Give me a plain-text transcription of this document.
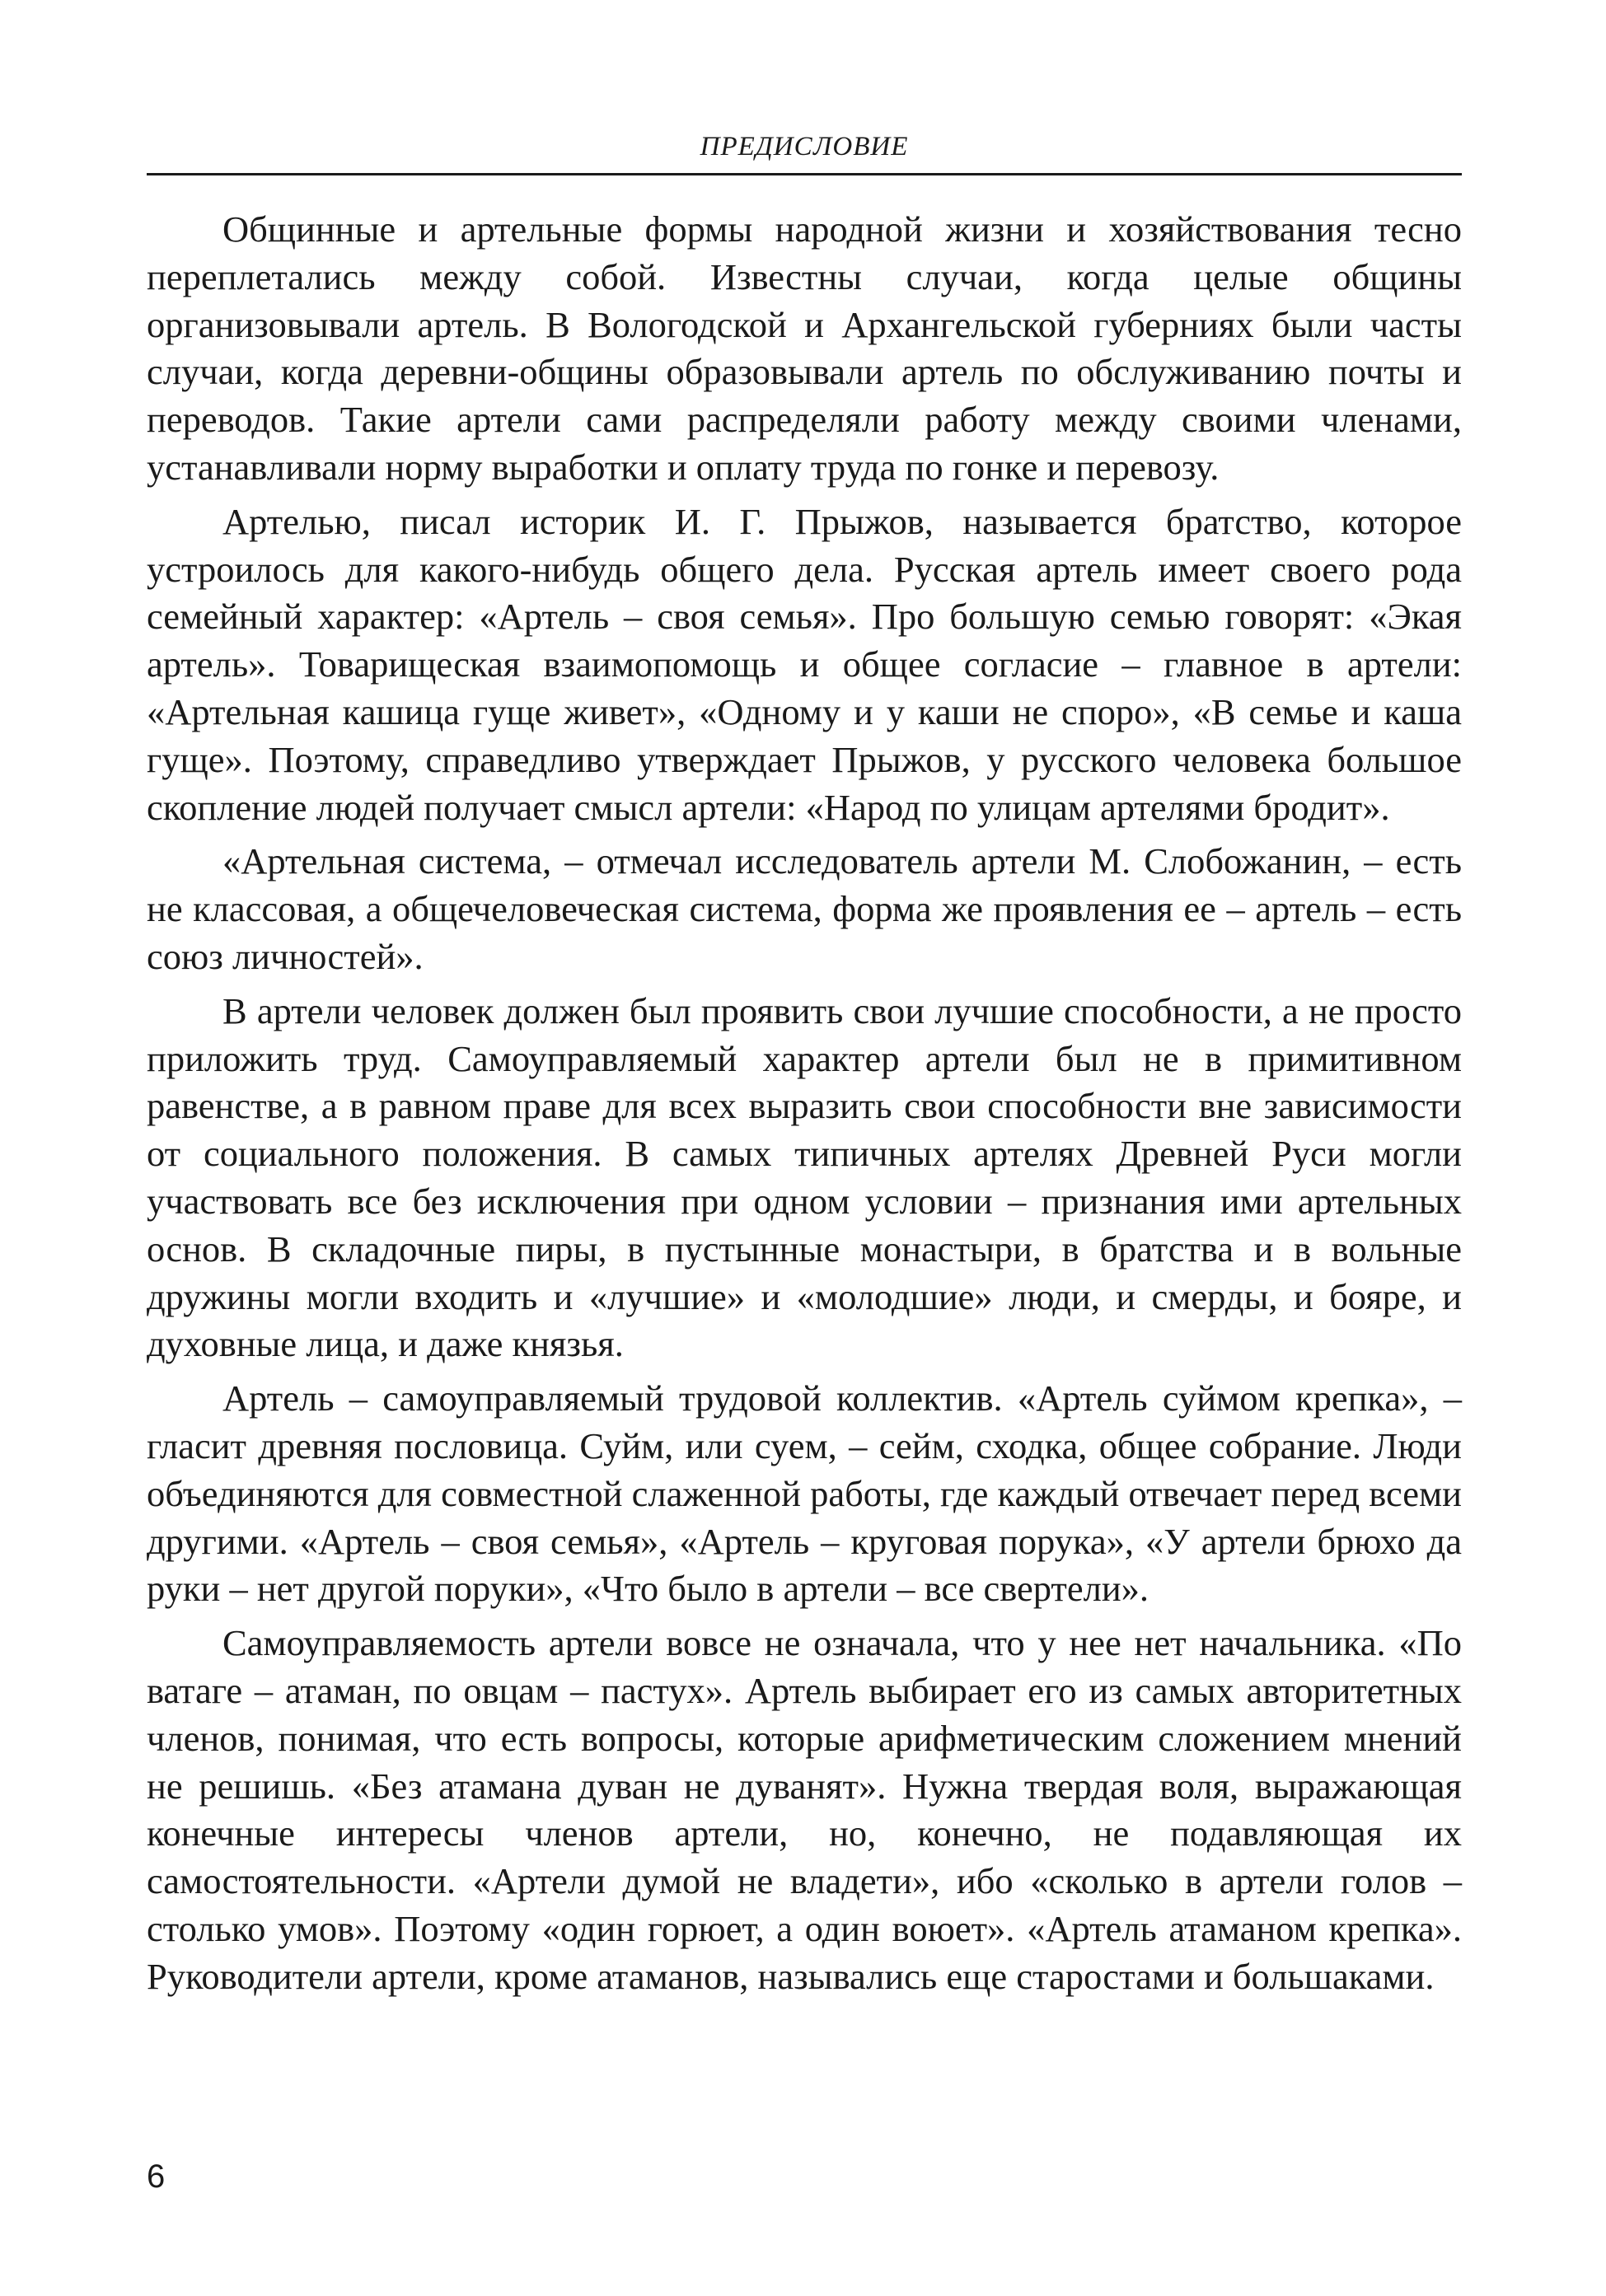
ПРЕДИСЛОВИЕ

Общинные и артельные формы народной жизни и хозяйствования тесно переплетались между собой. Известны случаи, когда целые общины организовывали артель. В Вологодской и Архангельской губерниях были часты случаи, когда деревни-общины образовывали артель по обслуживанию почты и переводов. Такие артели сами распределяли работу между своими членами, устанавливали норму выработки и оплату труда по гонке и перевозу.

Артелью, писал историк И. Г. Прыжов, называется братство, которое устроилось для какого-нибудь общего дела. Русская артель имеет своего рода семейный характер: «Артель – своя семья». Про большую семью говорят: «Экая артель». Товарищеская взаимопомощь и общее согласие – главное в артели: «Артельная кашица гуще живет», «Одному и у каши не споро», «В семье и каша гуще». Поэтому, справедливо утверждает Прыжов, у русского человека большое скопление людей получает смысл артели: «Народ по улицам артелями бродит».

«Артельная система, – отмечал исследователь артели М. Слобожанин, – есть не классовая, а общечеловеческая система, форма же проявления ее – артель – есть союз личностей».

В артели человек должен был проявить свои лучшие способности, а не просто приложить труд. Самоуправляемый характер артели был не в примитивном равенстве, а в равном праве для всех выразить свои способности вне зависимости от социального положения. В самых типичных артелях Древней Руси могли участвовать все без исключения при одном условии – признания ими артельных основ. В складочные пиры, в пустынные монастыри, в братства и в вольные дружины могли входить и «лучшие» и «молодшие» люди, и смерды, и бояре, и духовные лица, и даже князья.

Артель – самоуправляемый трудовой коллектив. «Артель суймом крепка», – гласит древняя пословица. Суйм, или суем, – сейм, сходка, общее собрание. Люди объединяются для совместной слаженной работы, где каждый отвечает перед всеми другими. «Артель – своя семья», «Артель – круговая порука», «У артели брюхо да руки – нет другой поруки», «Что было в артели – все свертели».

Самоуправляемость артели вовсе не означала, что у нее нет начальника. «По ватаге – атаман, по овцам – пастух». Артель выбирает его из самых авторитетных членов, понимая, что есть вопросы, которые арифметическим сложением мнений не решишь. «Без атамана дуван не дуванят». Нужна твердая воля, выражающая конечные интересы членов артели, но, конечно, не подавляющая их самостоятельности. «Артели думой не владети», ибо «сколько в артели голов – столько умов». Поэтому «один горюет, а один воюет». «Артель атаманом крепка». Руководители артели, кроме атаманов, назывались еще старостами и большаками.

6
